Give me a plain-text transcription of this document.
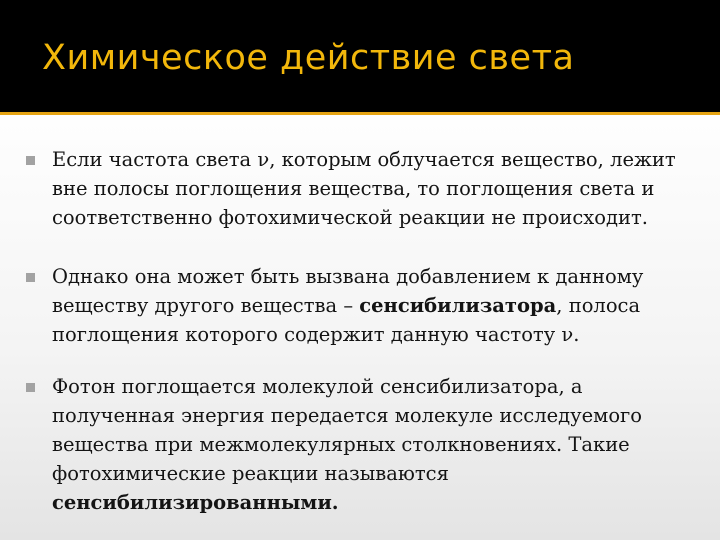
Химическое действие света

Если частота света ν, которым облучается вещество, лежит вне полосы поглощения вещества, то поглощения света и соответственно фотохимической реакции не происходит.

Однако она может быть вызвана добавлением к данному веществу другого вещества – сенсибилизатора, полоса поглощения которого содержит данную частоту ν.

Фотон поглощается молекулой сенсибилизатора, а полученная энергия передается молекуле исследуемого вещества при межмолекулярных столкновениях. Такие фотохимические реакции называются сенсибилизированными.
